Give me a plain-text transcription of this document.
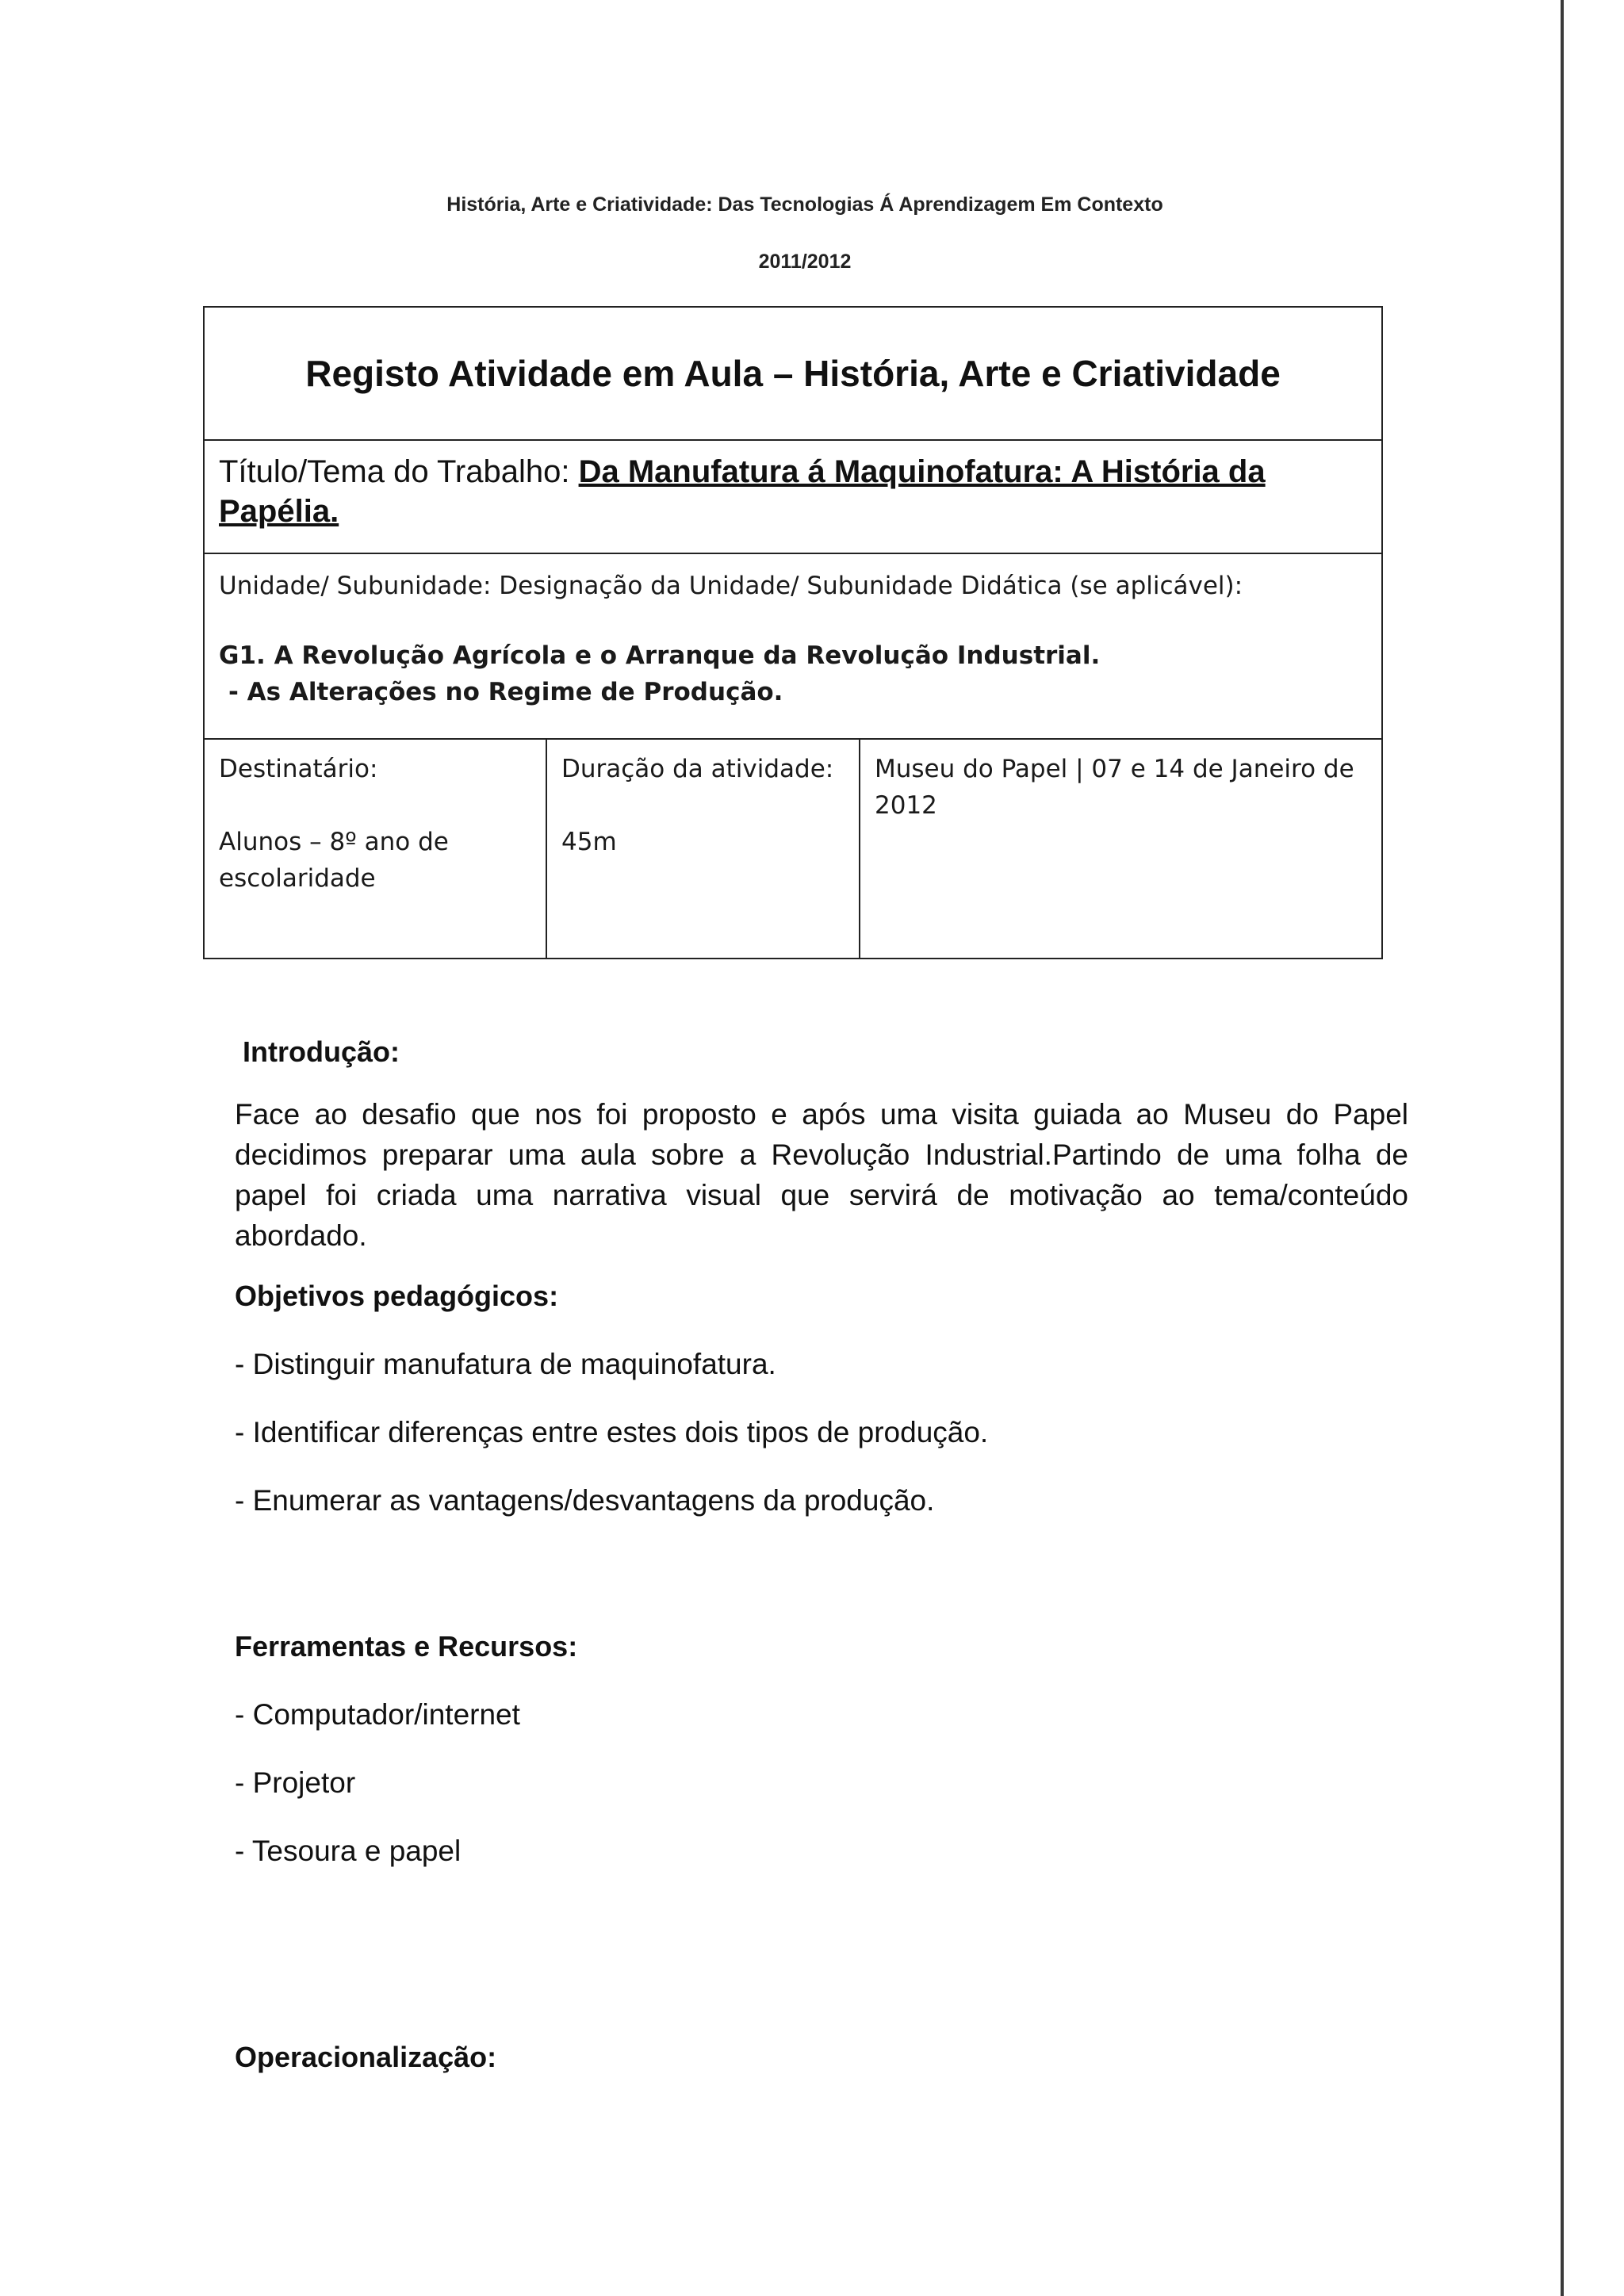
História, Arte e Criatividade: Das Tecnologias Á Aprendizagem Em Contexto
2011/2012
Registo Atividade em Aula – História, Arte e Criatividade
Título/Tema do Trabalho: Da Manufatura á Maquinofatura: A História da Papélia.
Unidade/ Subunidade: Designação da Unidade/ Subunidade Didática (se aplicável):
G1. A Revolução Agrícola e o Arranque da Revolução Industrial.
- As Alterações no Regime de Produção.
Destinatário:
Alunos – 8º ano de escolaridade
Duração da atividade:
45m
Museu do Papel | 07 e 14 de Janeiro de 2012
Introdução:
Face ao desafio que nos foi proposto e após uma visita guiada ao Museu do Papel decidimos preparar uma aula sobre a Revolução Industrial.Partindo de uma folha de papel foi criada uma narrativa visual que servirá de motivação ao tema/conteúdo abordado.
Objetivos pedagógicos:
- Distinguir manufatura de maquinofatura.
- Identificar diferenças entre estes dois tipos de produção.
- Enumerar as vantagens/desvantagens da produção.
Ferramentas e Recursos:
- Computador/internet
- Projetor
- Tesoura e papel
Operacionalização:
